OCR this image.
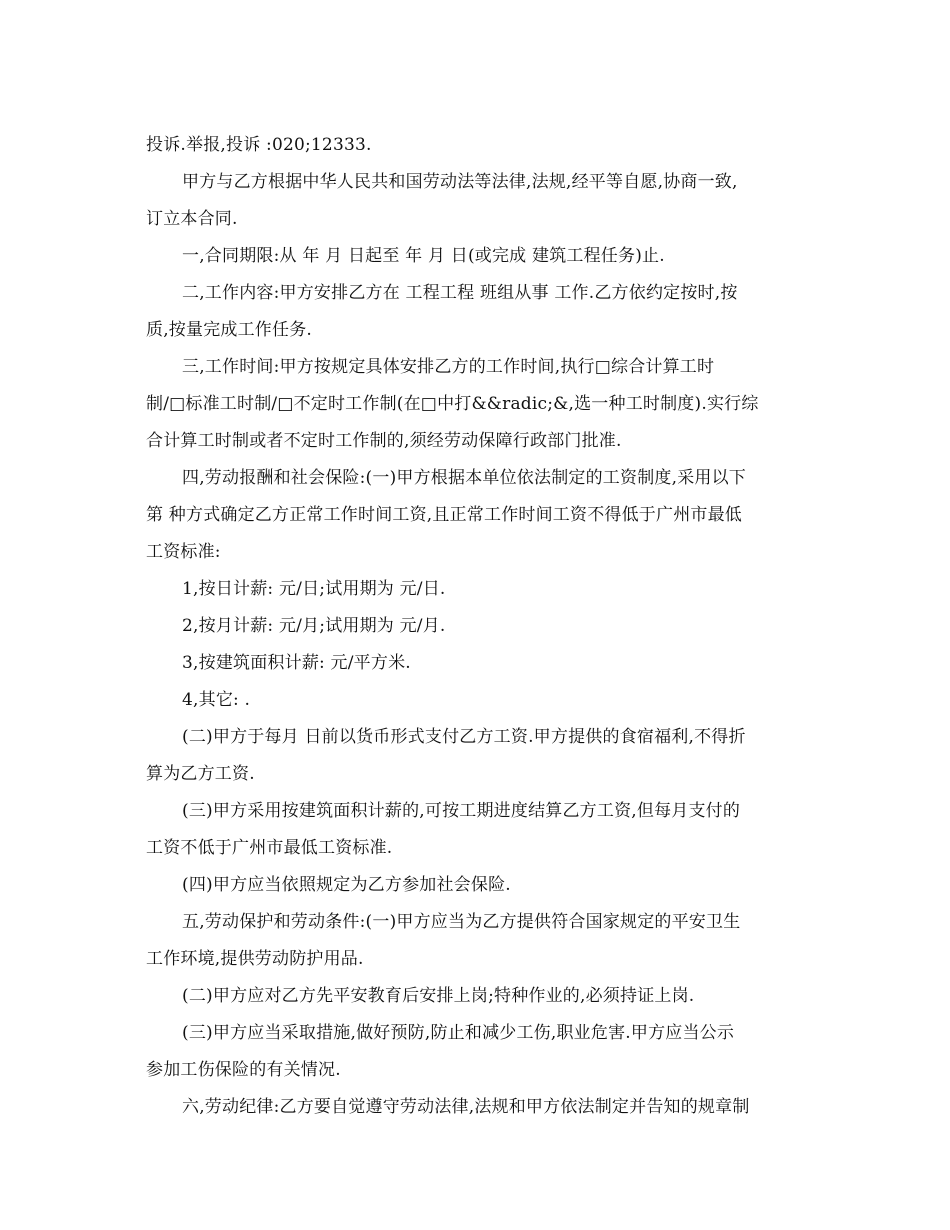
投诉.举报,投诉 :020;12333.
甲方与乙方根据中华人民共和国劳动法等法律,法规,经平等自愿,协商一致,
订立本合同.
一,合同期限:从 年 月 日起至 年 月 日(或完成 建筑工程任务)止.
二,工作内容:甲方安排乙方在 工程工程 班组从事 工作.乙方依约定按时,按
质,按量完成工作任务.
三,工作时间:甲方按规定具体安排乙方的工作时间,执行□综合计算工时
制/□标准工时制/□不定时工作制(在□中打&&radic;&,选一种工时制度).实行综
合计算工时制或者不定时工作制的,须经劳动保障行政部门批准.
四,劳动报酬和社会保险:(一)甲方根据本单位依法制定的工资制度,采用以下
第 种方式确定乙方正常工作时间工资,且正常工作时间工资不得低于广州市最低
工资标准:
1,按日计薪: 元/日;试用期为 元/日.
2,按月计薪: 元/月;试用期为 元/月.
3,按建筑面积计薪: 元/平方米.
4,其它: .
(二)甲方于每月 日前以货币形式支付乙方工资.甲方提供的食宿福利,不得折
算为乙方工资.
(三)甲方采用按建筑面积计薪的,可按工期进度结算乙方工资,但每月支付的
工资不低于广州市最低工资标准.
(四)甲方应当依照规定为乙方参加社会保险.
五,劳动保护和劳动条件:(一)甲方应当为乙方提供符合国家规定的平安卫生
工作环境,提供劳动防护用品.
(二)甲方应对乙方先平安教育后安排上岗;特种作业的,必须持证上岗.
(三)甲方应当采取措施,做好预防,防止和减少工伤,职业危害.甲方应当公示
参加工伤保险的有关情况.
六,劳动纪律:乙方要自觉遵守劳动法律,法规和甲方依法制定并告知的规章制
